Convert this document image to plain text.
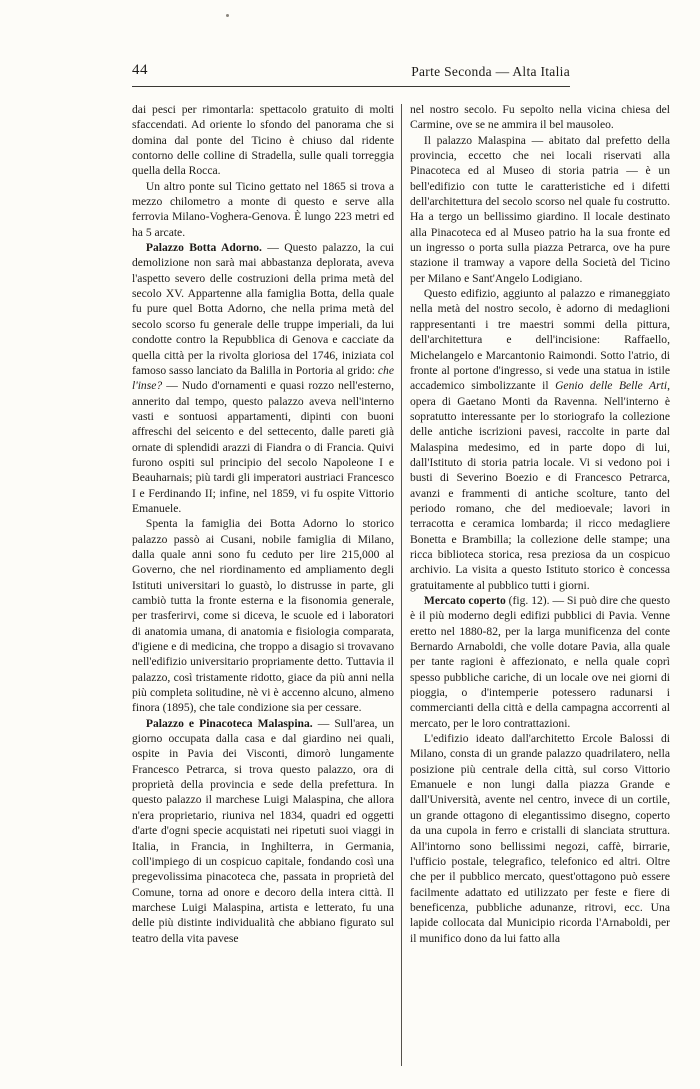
44	Parte Seconda — Alta Italia

dai pesci per rimontarla: spettacolo gratuito di molti sfaccendati. Ad oriente lo sfondo del panorama che si domina dal ponte del Ticino è chiuso dal ridente contorno delle colline di Stradella, sulle quali torreggia quella della Rocca.

Un altro ponte sul Ticino gettato nel 1865 si trova a mezzo chilometro a monte di questo e serve alla ferrovia Milano-Voghera-Genova. È lungo 223 metri ed ha 5 arcate.

Palazzo Botta Adorno. — Questo palazzo, la cui demolizione non sarà mai abbastanza deplorata, aveva l'aspetto severo delle costruzioni della prima metà del secolo XV. Appartenne alla famiglia Botta, della quale fu pure quel Botta Adorno, che nella prima metà del secolo scorso fu generale delle truppe imperiali, da lui condotte contro la Repubblica di Genova e cacciate da quella città per la rivolta gloriosa del 1746, iniziata col famoso sasso lanciato da Balilla in Portoria al grido: che l'inse? — Nudo d'ornamenti e quasi rozzo nell'esterno, annerito dal tempo, questo palazzo aveva nell'interno vasti e sontuosi appartamenti, dipinti con buoni affreschi del seicento e del settecento, dalle pareti già ornate di splendidi arazzi di Fiandra o di Francia. Quivi furono ospiti sul principio del secolo Napoleone I e Beauharnais; più tardi gli imperatori austriaci Francesco I e Ferdinando II; infine, nel 1859, vi fu ospite Vittorio Emanuele.

Spenta la famiglia dei Botta Adorno lo storico palazzo passò ai Cusani, nobile famiglia di Milano, dalla quale anni sono fu ceduto per lire 215,000 al Governo, che nel riordinamento ed ampliamento degli Istituti universitari lo guastò, lo distrusse in parte, gli cambiò tutta la fronte esterna e la fisonomia generale, per trasferirvi, come si diceva, le scuole ed i laboratori di anatomia umana, di anatomia e fisiologia comparata, d'igiene e di medicina, che troppo a disagio si trovavano nell'edifizio universitario propriamente detto. Tuttavia il palazzo, così tristamente ridotto, giace da più anni nella più completa solitudine, nè vi è accenno alcuno, almeno finora (1895), che tale condizione sia per cessare.

Palazzo e Pinacoteca Malaspina. — Sull'area, un giorno occupata dalla casa e dal giardino nei quali, ospite in Pavia dei Visconti, dimorò lungamente Francesco Petrarca, si trova questo palazzo, ora di proprietà della provincia e sede della prefettura. In questo palazzo il marchese Luigi Malaspina, che allora n'era proprietario, riuniva nel 1834, quadri ed oggetti d'arte d'ogni specie acquistati nei ripetuti suoi viaggi in Italia, in Francia, in Inghilterra, in Germania, coll'impiego di un cospicuo capitale, fondando così una pregevolissima pinacoteca che, passata in proprietà del Comune, torna ad onore e decoro della intera città. Il marchese Luigi Malaspina, artista e letterato, fu una delle più distinte individualità che abbiano figurato sul teatro della vita pavese

nel nostro secolo. Fu sepolto nella vicina chiesa del Carmine, ove se ne ammira il bel mausoleo.

Il palazzo Malaspina — abitato dal prefetto della provincia, eccetto che nei locali riservati alla Pinacoteca ed al Museo di storia patria — è un bell'edifizio con tutte le caratteristiche ed i difetti dell'architettura del secolo scorso nel quale fu costrutto. Ha a tergo un bellissimo giardino. Il locale destinato alla Pinacoteca ed al Museo patrio ha la sua fronte ed un ingresso o porta sulla piazza Petrarca, ove ha pure stazione il tramway a vapore della Società del Ticino per Milano e Sant'Angelo Lodigiano.

Questo edifizio, aggiunto al palazzo e rimaneggiato nella metà del nostro secolo, è adorno di medaglioni rappresentanti i tre maestri sommi della pittura, dell'architettura e dell'incisione: Raffaello, Michelangelo e Marcantonio Raimondi. Sotto l'atrio, di fronte al portone d'ingresso, si vede una statua in istile accademico simbolizzante il Genio delle Belle Arti, opera di Gaetano Monti da Ravenna. Nell'interno è sopratutto interessante per lo storiografo la collezione delle antiche iscrizioni pavesi, raccolte in parte dal Malaspina medesimo, ed in parte dopo di lui, dall'Istituto di storia patria locale. Vi si vedono poi i busti di Severino Boezio e di Francesco Petrarca, avanzi e frammenti di antiche scolture, tanto del periodo romano, che del medioevale; lavori in terracotta e ceramica lombarda; il ricco medagliere Bonetta e Brambilla; la collezione delle stampe; una ricca biblioteca storica, resa preziosa da un cospicuo archivio. La visita a questo Istituto storico è concessa gratuitamente al pubblico tutti i giorni.

Mercato coperto (fig. 12). — Si può dire che questo è il più moderno degli edifizi pubblici di Pavia. Venne eretto nel 1880-82, per la larga munificenza del conte Bernardo Arnaboldi, che volle dotare Pavia, alla quale per tante ragioni è affezionato, e nella quale coprì spesso pubbliche cariche, di un locale ove nei giorni di pioggia, o d'intemperie potessero radunarsi i commercianti della città e della campagna accorrenti al mercato, per le loro contrattazioni.

L'edifizio ideato dall'architetto Ercole Balossi di Milano, consta di un grande palazzo quadrilatero, nella posizione più centrale della città, sul corso Vittorio Emanuele e non lungi dalla piazza Grande e dall'Università, avente nel centro, invece di un cortile, un grande ottagono di elegantissimo disegno, coperto da una cupola in ferro e cristalli di slanciata struttura. All'intorno sono bellissimi negozi, caffè, birrarie, l'ufficio postale, telegrafico, telefonico ed altri. Oltre che per il pubblico mercato, quest'ottagono può essere facilmente adattato ed utilizzato per feste e fiere di beneficenza, pubbliche adunanze, ritrovi, ecc. Una lapide collocata dal Municipio ricorda l'Arnaboldi, per il munifico dono da lui fatto alla
